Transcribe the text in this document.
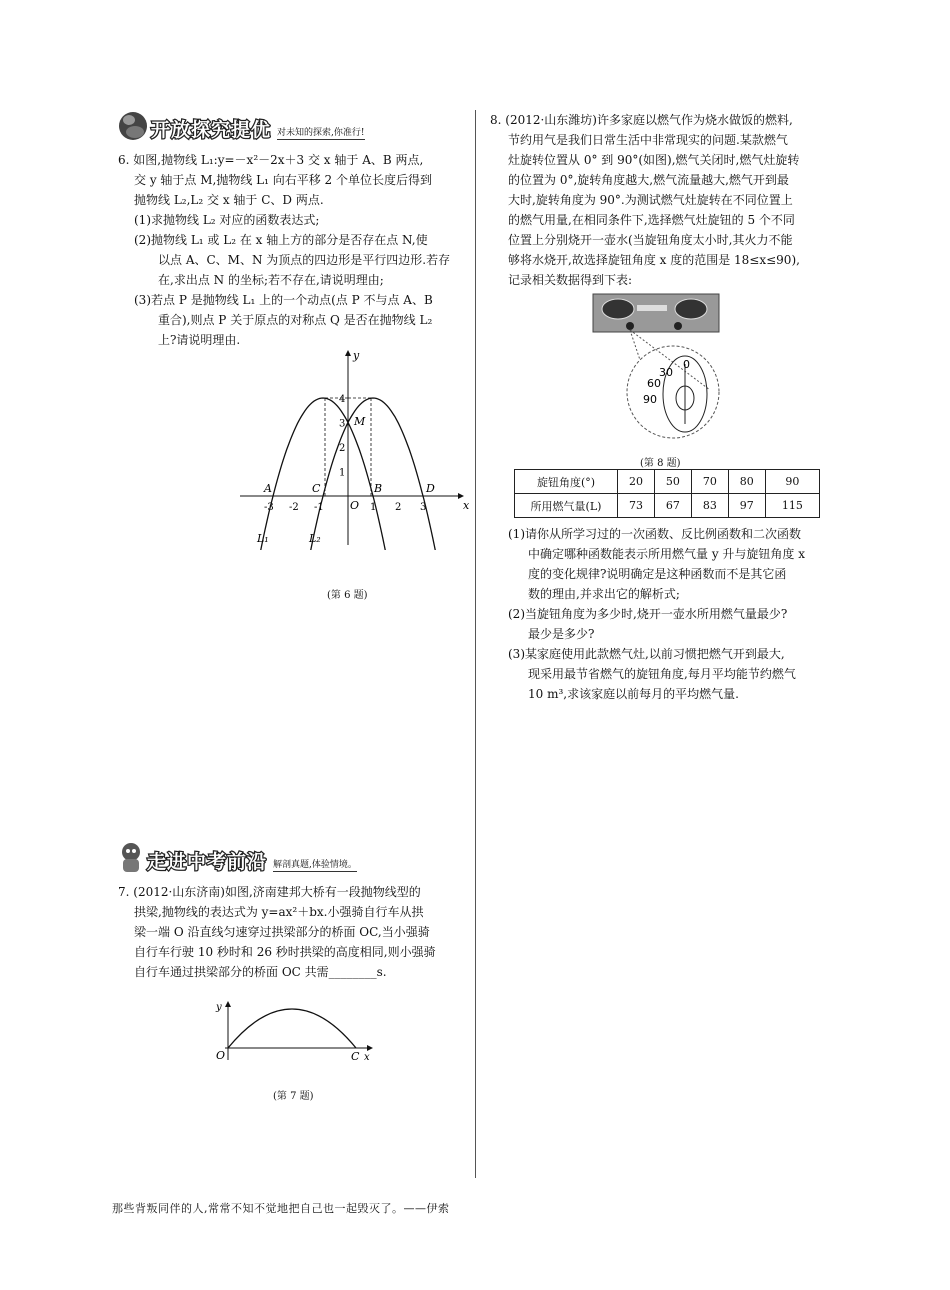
开放探究提优 对未知的探索,你准行!

6. 如图,抛物线 L₁:y=－x²－2x＋3 交 x 轴于 A、B 两点,

交 y 轴于点 M,抛物线 L₁ 向右平移 2 个单位长度后得到

抛物线 L₂,L₂ 交 x 轴于 C、D 两点.

(1)求抛物线 L₂ 对应的函数表达式;

(2)抛物线 L₁ 或 L₂ 在 x 轴上方的部分是否存在点 N,使

以点 A、C、M、N 为顶点的四边形是平行四边形.若存

在,求出点 N 的坐标;若不存在,请说明理由;

(3)若点 P 是抛物线 L₁ 上的一个动点(点 P 不与点 A、B

重合),则点 P 关于原点的对称点 Q 是否在抛物线 L₂

上?请说明理由.

-3 -2 -1	1 2 3
1
2
3
4
x
y
A	B
C	D
M
O
L₁	L₂
(第 6 题)
走进中考前沿 解剖真题,体验情境。

7. (2012·山东济南)如图,济南建邦大桥有一段抛物线型的

拱梁,抛物线的表达式为 y=ax²＋bx.小强骑自行车从拱

梁一端 O 沿直线匀速穿过拱梁部分的桥面 OC,当小强骑

自行车行驶 10 秒时和 26 秒时拱梁的高度相同,则小强骑

自行车通过拱梁部分的桥面 OC 共需________s.

y
O	C x
(第 7 题)

8. (2012·山东潍坊)许多家庭以燃气作为烧水做饭的燃料,

节约用气是我们日常生活中非常现实的问题.某款燃气

灶旋转位置从 0° 到 90°(如图),燃气关闭时,燃气灶旋转

的位置为 0°,旋转角度越大,燃气流量越大,燃气开到最

大时,旋转角度为 90°.为测试燃气灶旋转在不同位置上

的燃气用量,在相同条件下,选择燃气灶旋钮的 5 个不同

位置上分别烧开一壶水(当旋钮角度太小时,其火力不能

够将水烧开,故选择旋钮角度 x 度的范围是 18≤x≤90),

记录相关数据得到下表:

0
30
60
90
(第 8 题)
旋钮角度(°)	20	50	70	80	90
所用燃气量(L)	73	67	83	97	115

(1)请你从所学习过的一次函数、反比例函数和二次函数

中确定哪种函数能表示所用燃气量 y 升与旋钮角度 x

度的变化规律?说明确定是这种函数而不是其它函

数的理由,并求出它的解析式;

(2)当旋钮角度为多少时,烧开一壶水所用燃气量最少?

最少是多少?

(3)某家庭使用此款燃气灶,以前习惯把燃气开到最大,

现采用最节省燃气的旋钮角度,每月平均能节约燃气

10 m³,求该家庭以前每月的平均燃气量.

那些背叛同伴的人,常常不知不觉地把自己也一起毁灭了。——伊索
